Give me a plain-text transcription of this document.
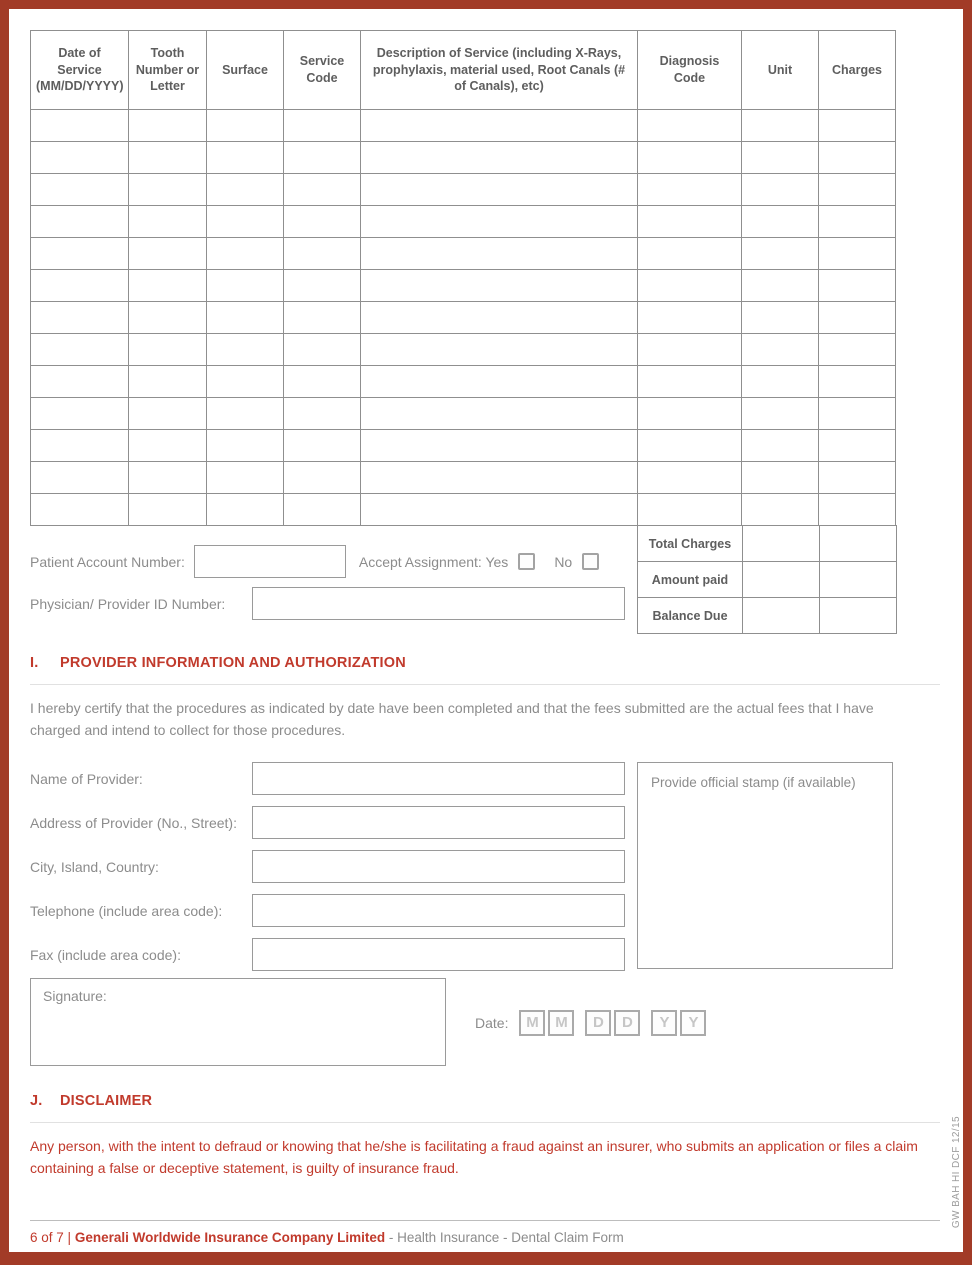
Date of Service (MM/DD/YYYY)	Tooth Number or Letter	Surface	Service Code	Description of Service (including X-Rays, prophylaxis, material used, Root Canals (# of Canals), etc)	Diagnosis Code	Unit	Charges

Total Charges		
Amount paid		
Balance Due		
Patient Account Number:	Accept Assignment: Yes	No
Physician/ Provider ID Number:
I. PROVIDER INFORMATION AND AUTHORIZATION

I hereby certify that the procedures as indicated by date have been completed and that the fees submitted are the actual fees that I have charged and intend to collect for those procedures.

Name of Provider:
Address of Provider (No., Street):
City, Island, Country:
Telephone (include area code):
Fax (include area code):
Provide official stamp (if available)
Signature:
Date:	M	M	D	D	Y	Y
J. DISCLAIMER

Any person, with the intent to defraud or knowing that he/she is facilitating a fraud against an insurer, who submits an application or files a claim containing a false or deceptive statement, is guilty of insurance fraud.

6 of 7 | Generali Worldwide Insurance Company Limited - Health Insurance - Dental Claim Form
GW BAH HI DCF 12/15
